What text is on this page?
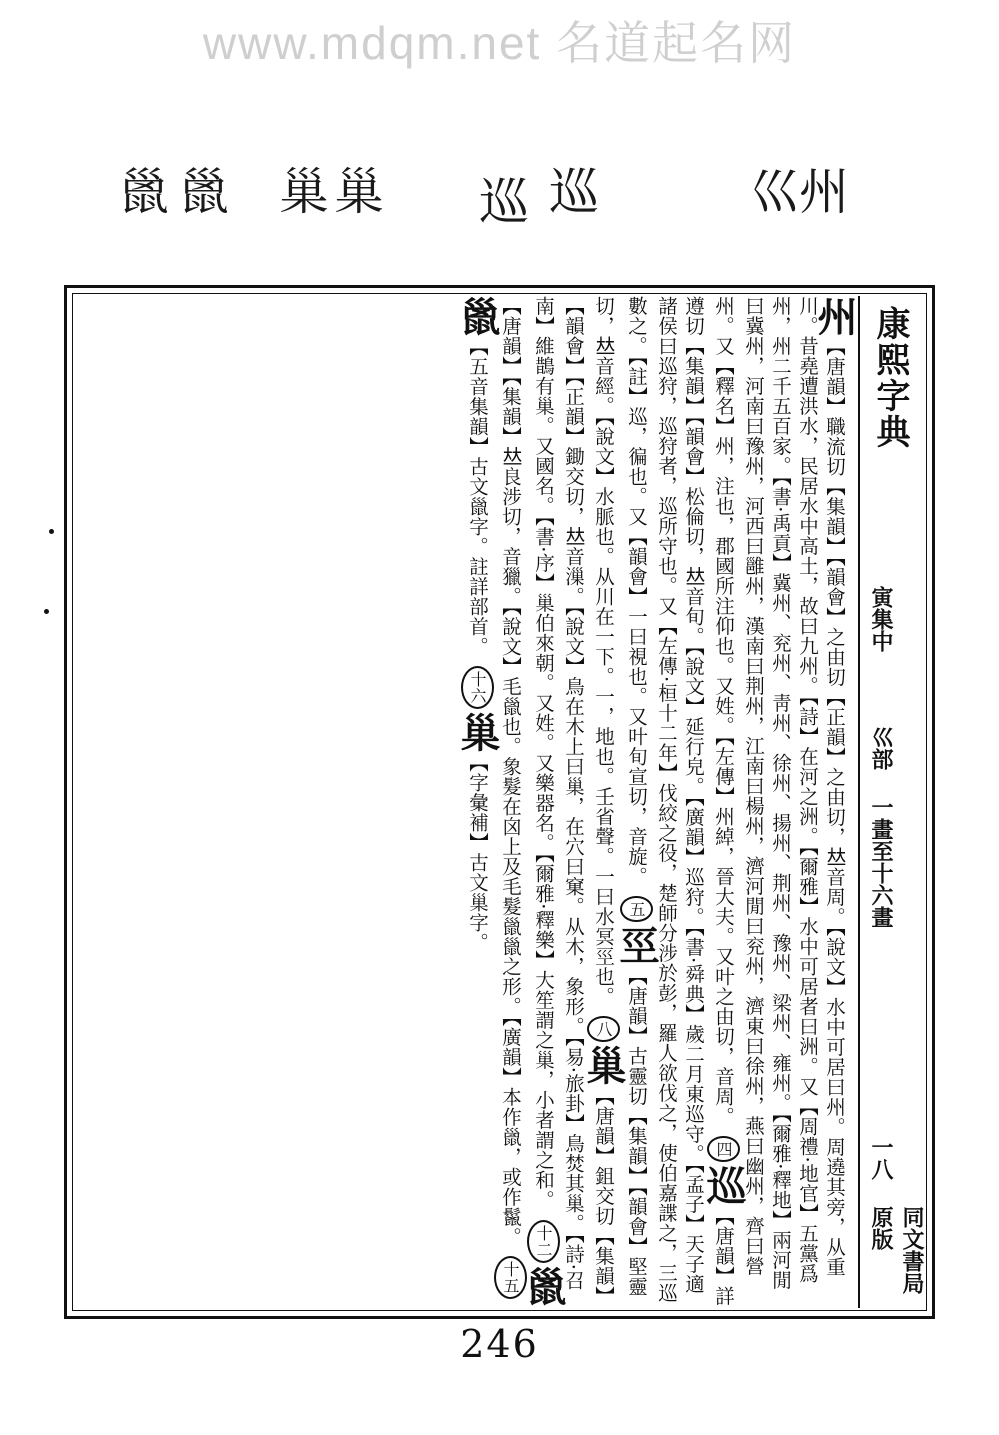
www.mdqm.net 名道起名网
州
巛
巡
巡
巢
巢
巤
巤
康熙字典
寅集中
巛部
一畫至十六畫
一八
同文書局原版
州【唐韻】職流切【集韻】【韻會】之由切【正韻】之由切，𠀤音周。【說文】水中可居曰州。周遶其旁，从重川。昔堯遭洪水，民居水中高土，故曰九州。【詩】在河之洲。【爾雅】水中可居者曰洲。又【周禮·地官】五黨爲州，州二千五百家。【書·禹貢】冀州、兖州、靑州、徐州、揚州、荆州、豫州、梁州、雍州。【爾雅·釋地】兩河閒曰冀州，河南曰豫州，河西曰雝州，漢南曰荆州，江南曰楊州，濟河閒曰兖州，濟東曰徐州，燕曰幽州，齊曰營州。又【釋名】州，注也，郡國所注仰也。又姓。【左傳】州綽，晉大夫。又叶之由切，音周。 四巡【唐韻】詳遵切【集韻】【韻會】松倫切，𠀤音旬。【說文】延行皃。【廣韻】巡狩。【書·舜典】歲二月東巡守。【孟子】天子適諸侯曰巡狩，巡狩者，巡所守也。又【左傳·桓十二年】伐絞之役，楚師分涉於彭，羅人欲伐之，使伯嘉諜之，三巡數之。【註】巡，徧也。又【韻會】一曰視也。又叶旬宣切，音旋。 五巠【唐韻】古靈切【集韻】【韻會】堅靈切，𠀤音經。【說文】水脈也。从川在一下。一，地也。壬省聲。一曰水冥巠也。 八巢【唐韻】鉏交切【集韻】【韻會】【正韻】鋤交切，𠀤音漅。【說文】鳥在木上曰巢，在穴曰窠。从木，象形。【易·旅卦】鳥焚其巢。【詩·召南】維鵲有巢。又國名。【書·序】巢伯來朝。又姓。又樂器名。【爾雅·釋樂】大笙謂之巢，小者謂之和。 十二巤【唐韻】【集韻】𠀤良涉切，音獵。【說文】毛巤也。象髮在囟上及毛髮巤巤之形。【廣韻】本作巤，或作鬣。 十五巤【五音集韻】古文巤字。註詳部首。 十六巢【字彙補】古文巢字。
246
